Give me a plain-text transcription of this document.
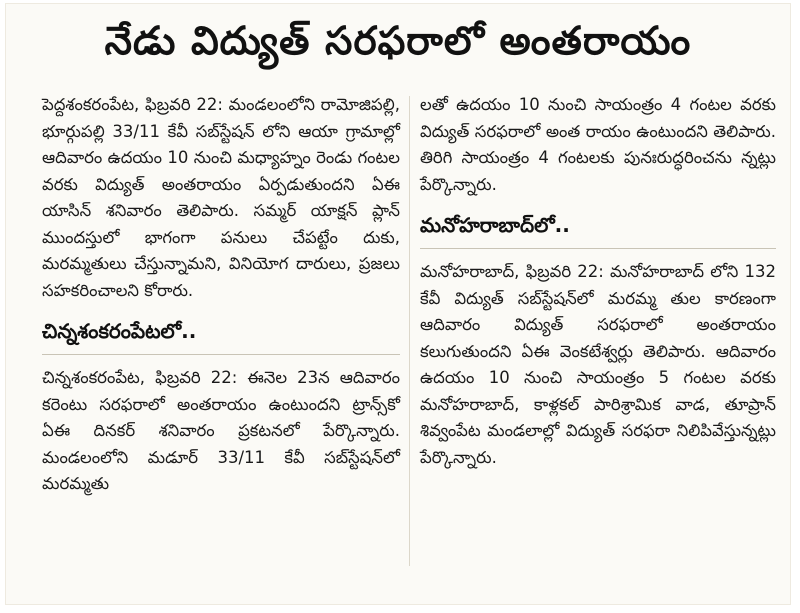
నేడు విద్యుత్ సరఫరాలో అంతరాయం

పెద్దశంకరంపేట, ఫిబ్రవరి 22: మండలంలోని రామోజిపల్లి, భూర్గుపల్లి 33/11 కేవీ సబ్‌స్టేషన్‌ లోని ఆయా గ్రామాల్లో ఆదివారం ఉదయం 10 నుంచి మధ్యాహ్నం రెండు గంటల వరకు విద్యుత్‌ అంతరాయం ఏర్పడుతుందని ఏఈ యాసిన్‌ శనివారం తెలిపారు. సమ్మర్‌ యాక్షన్‌ ప్లాన్‌ ముందస్తులో భాగంగా పనులు చేపట్టేం దుకు, మరమ్మతులు చేస్తున్నామని, వినియోగ దారులు, ప్రజలు సహకరించాలని కోరారు.

చిన్నశంకరంపేటలో..

చిన్నశంకరంపేట, ఫిబ్రవరి 22: ఈనెల 23న ఆదివారం కరెంటు సరఫరాలో అంతరాయం ఉంటుందని ట్రాన్స్‌కో ఏఈ దినకర్‌ శనివారం ప్రకటనలో పేర్కొన్నారు. మండలంలోని మడూర్‌ 33/11 కేవీ సబ్‌స్టేషన్‌లో మరమ్మతు

లతో ఉదయం 10 నుంచి సాయంత్రం 4 గంటల వరకు విద్యుత్‌ సరఫరాలో అంత రాయం ఉంటుందని తెలిపారు. తిరిగి సాయంత్రం 4 గంటలకు పునఃరుద్ధరించను న్నట్లు పేర్కొన్నారు.

మనోహరాబాద్‌లో..

మనోహరాబాద్‌, ఫిబ్రవరి 22: మనోహరాబాద్‌ లోని 132 కేవీ విద్యుత్‌ సబ్‌స్టేషన్‌లో మరమ్మ తుల కారణంగా ఆదివారం విద్యుత్‌ సరఫరాలో అంతరాయం కలుగుతుందని ఏఈ వెంకటేశ్వర్లు తెలిపారు. ఆదివారం ఉదయం 10 నుంచి సాయంత్రం 5 గంటల వరకు మనోహరాబాద్‌, కాళ్లకల్‌ పారిశ్రామిక వాడ, తూప్రాన్‌ శివ్వంపేట మండలాల్లో విద్యుత్‌ సరఫరా నిలిపివేస్తున్నట్లు పేర్కొన్నారు.
